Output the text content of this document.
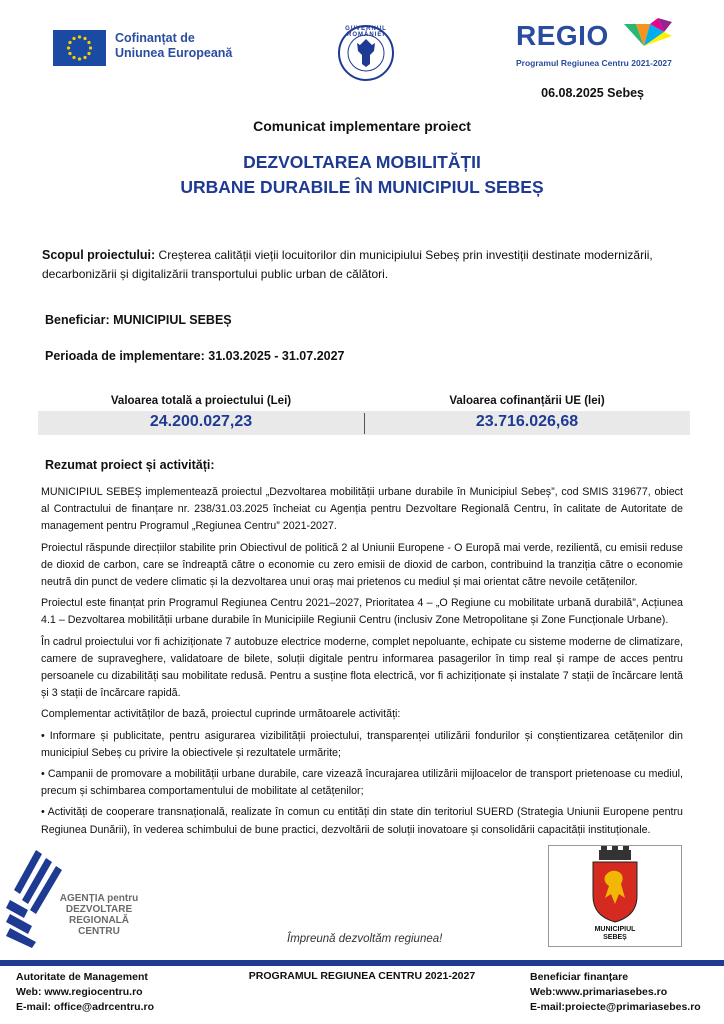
Cofinanțat de
Uniunea Europeană
GUVERNUL ROMÂNIEI	REGIO
Programul Regiunea Centru 2021-2027
06.08.2025 Sebeș
Comunicat implementare proiect
DEZVOLTAREA MOBILITĂȚII
URBANE DURABILE ÎN MUNICIPIUL SEBEȘ
Scopul proiectului: Creșterea calității vieții locuitorilor din municipiului Sebeș prin investiții destinate modernizării, decarbonizării și digitalizării transportului public urban de călători.
Beneficiar: MUNICIPIUL SEBEȘ
Perioada de implementare: 31.03.2025 - 31.07.2027
Valoarea totală a proiectului (Lei)	Valoarea cofinanțării UE (lei)
24.200.027,23	23.716.026,68
Rezumat proiect și activități:

MUNICIPIUL SEBEȘ implementează proiectul „Dezvoltarea mobilității urbane durabile în Municipiul Sebeș”, cod SMIS 319677, obiect al Contractului de finanțare nr. 238/31.03.2025 încheiat cu Agenția pentru Dezvoltare Regională Centru, în calitate de Autoritate de management pentru Programul „Regiunea Centru” 2021-2027.

Proiectul răspunde direcțiilor stabilite prin Obiectivul de politică 2 al Uniunii Europene - O Europă mai verde, rezilientă, cu emisii reduse de dioxid de carbon, care se îndreaptă către o economie cu zero emisii de dioxid de carbon, contribuind la tranziția către o economie neutră din punct de vedere climatic și la dezvoltarea unui oraș mai prietenos cu mediul și mai orientat către nevoile cetățenilor.

Proiectul este finanțat prin Programul Regiunea Centru 2021–2027, Prioritatea 4 – „O Regiune cu mobilitate urbană durabilă”, Acțiunea 4.1 – Dezvoltarea mobilității urbane durabile în Municipiile Regiunii Centru (inclusiv Zone Metropolitane și Zone Funcționale Urbane).

În cadrul proiectului vor fi achiziționate 7 autobuze electrice moderne, complet nepoluante, echipate cu sisteme moderne de climatizare, camere de supraveghere, validatoare de bilete, soluții digitale pentru informarea pasagerilor în timp real și rampe de acces pentru persoanele cu dizabilități sau mobilitate redusă. Pentru a susține flota electrică, vor fi achiziționate și instalate 7 stații de încărcare lentă și 3 stații de încărcare rapidă.

Complementar activităților de bază, proiectul cuprinde următoarele activități:

• Informare și publicitate, pentru asigurarea vizibilității proiectului, transparenței utilizării fondurilor și conștientizarea cetățenilor din municipiul Sebeș cu privire la obiectivele și rezultatele urmărite;

• Campanii de promovare a mobilității urbane durabile, care vizează încurajarea utilizării mijloacelor de transport prietenoase cu mediul, precum și schimbarea comportamentului de mobilitate al cetățenilor;

• Activități de cooperare transnațională, realizate în comun cu entități din state din teritoriul SUERD (Strategia Uniunii Europene pentru Regiunea Dunării), în vederea schimbului de bune practici, dezvoltării de soluții inovatoare și consolidării capacității instituționale.

AGENȚIA pentru
DEZVOLTARE
REGIONALĂ
CENTRU
Împreună dezvoltăm regiunea!
MUNICIPIUL
SEBEȘ
Autoritate de Management
Web: www.regiocentru.ro
E-mail: office@adrcentru.ro
PROGRAMUL REGIUNEA CENTRU 2021-2027	Beneficiar finanțare
Web:www.primariasebes.ro
E-mail:proiecte@primariasebes.ro
